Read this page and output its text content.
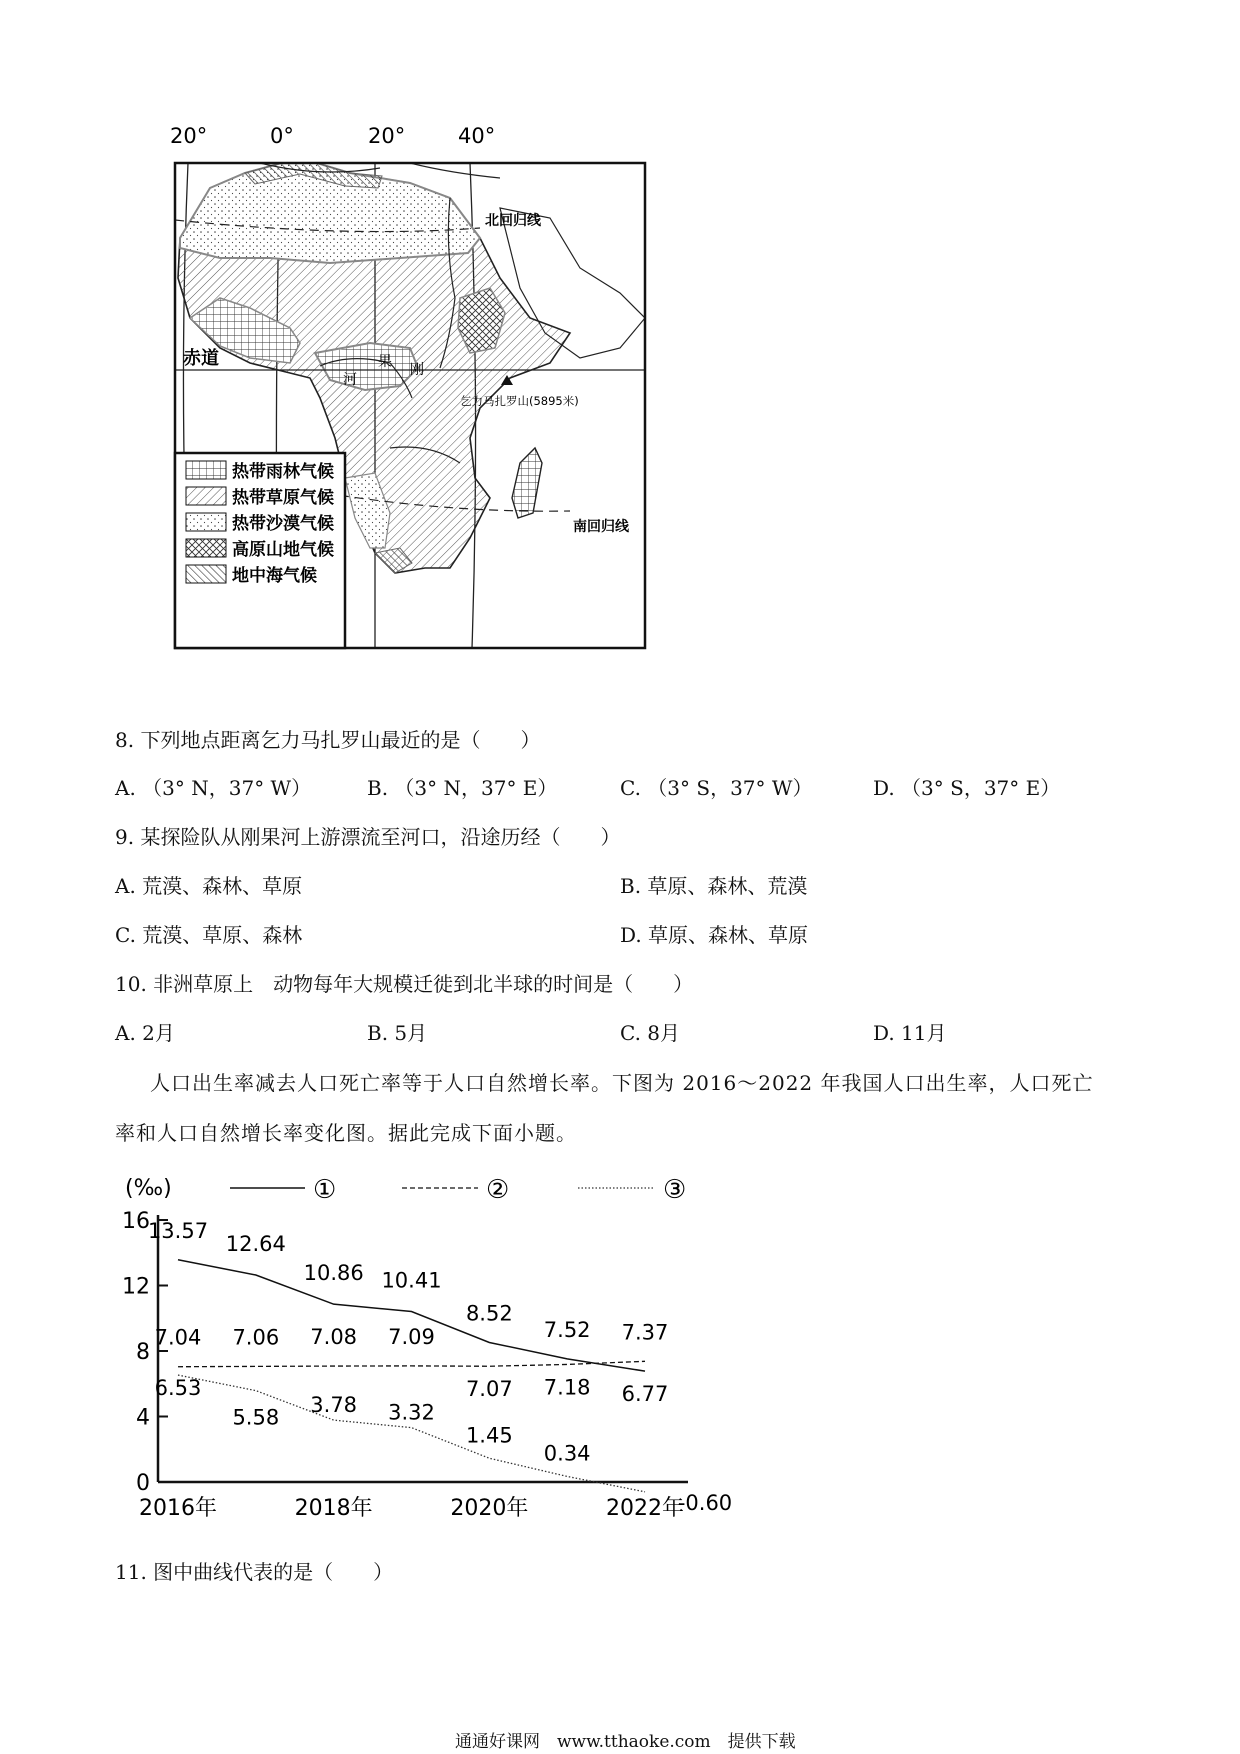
20°	0°	20°	40°
赤道
北回归线
南回归线
果
河
刚
乞力马扎罗山(5895米)
热带雨林气候
热带草原气候
热带沙漠气候
高原山地气候
地中海气候
8. 下列地点距离乞力马扎罗山最近的是（　　）
A. （3° N，37° W）	B. （3° N，37° E）	C. （3° S，37° W）	D. （3° S，37° E）
9. 某探险队从刚果河上游漂流至河口，沿途历经（　　）
A. 荒漠、森林、草原	B. 草原、森林、荒漠
C. 荒漠、草原、森林	D. 草原、森林、草原
10. 非洲草原上　动物每年大规模迁徙到北半球的时间是（　　）
A. 2月	B. 5月	C. 8月	D. 11月
人口出生率减去人口死亡率等于人口自然增长率。下图为 2016～2022 年我国人口出生率，人口死亡
率和人口自然增长率变化图。据此完成下面小题。
(‰)	①	②	③
0
4
8
12
16
2016年	2018年	2020年	2022年
13.57
12.64
10.86 10.41
8.52
7.52
6.77
7.04 7.06 7.08 7.09
7.07 7.18
7.37
6.53
5.58
3.78 3.32
1.45
0.34
-0.60
11. 图中曲线代表的是（　　）
通通好课网　www.tthaoke.com　提供下载
